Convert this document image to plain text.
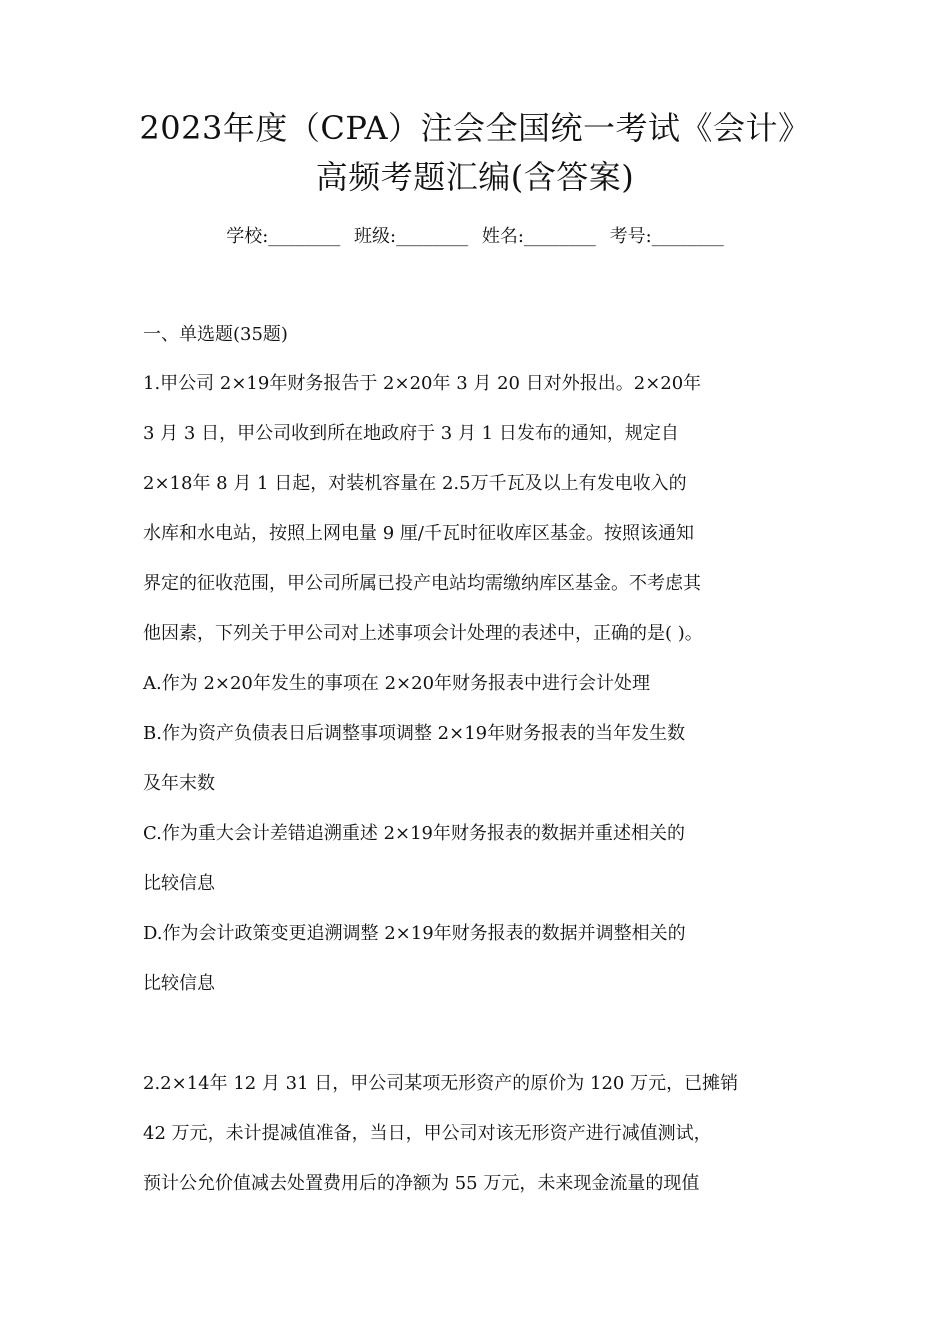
2023年度（CPA）注会全国统一考试《会计》
高频考题汇编(含答案)
学校:________ 班级:________ 姓名:________ 考号:________
一、单选题(35题)
1.甲公司 2×19年财务报告于 2×20年 3 月 20 日对外报出。2×20年
3 月 3 日，甲公司收到所在地政府于 3 月 1 日发布的通知，规定自
2×18年 8 月 1 日起，对装机容量在 2.5万千瓦及以上有发电收入的
水库和水电站，按照上网电量 9 厘/千瓦时征收库区基金。按照该通知
界定的征收范围，甲公司所属已投产电站均需缴纳库区基金。不考虑其
他因素，下列关于甲公司对上述事项会计处理的表述中，正确的是( )。
A.作为 2×20年发生的事项在 2×20年财务报表中进行会计处理
B.作为资产负债表日后调整事项调整 2×19年财务报表的当年发生数
及年末数
C.作为重大会计差错追溯重述 2×19年财务报表的数据并重述相关的
比较信息
D.作为会计政策变更追溯调整 2×19年财务报表的数据并调整相关的
比较信息
2.2×14年 12 月 31 日，甲公司某项无形资产的原价为 120 万元，已摊销
42 万元，未计提减值准备，当日，甲公司对该无形资产进行减值测试，
预计公允价值减去处置费用后的净额为 55 万元，未来现金流量的现值
